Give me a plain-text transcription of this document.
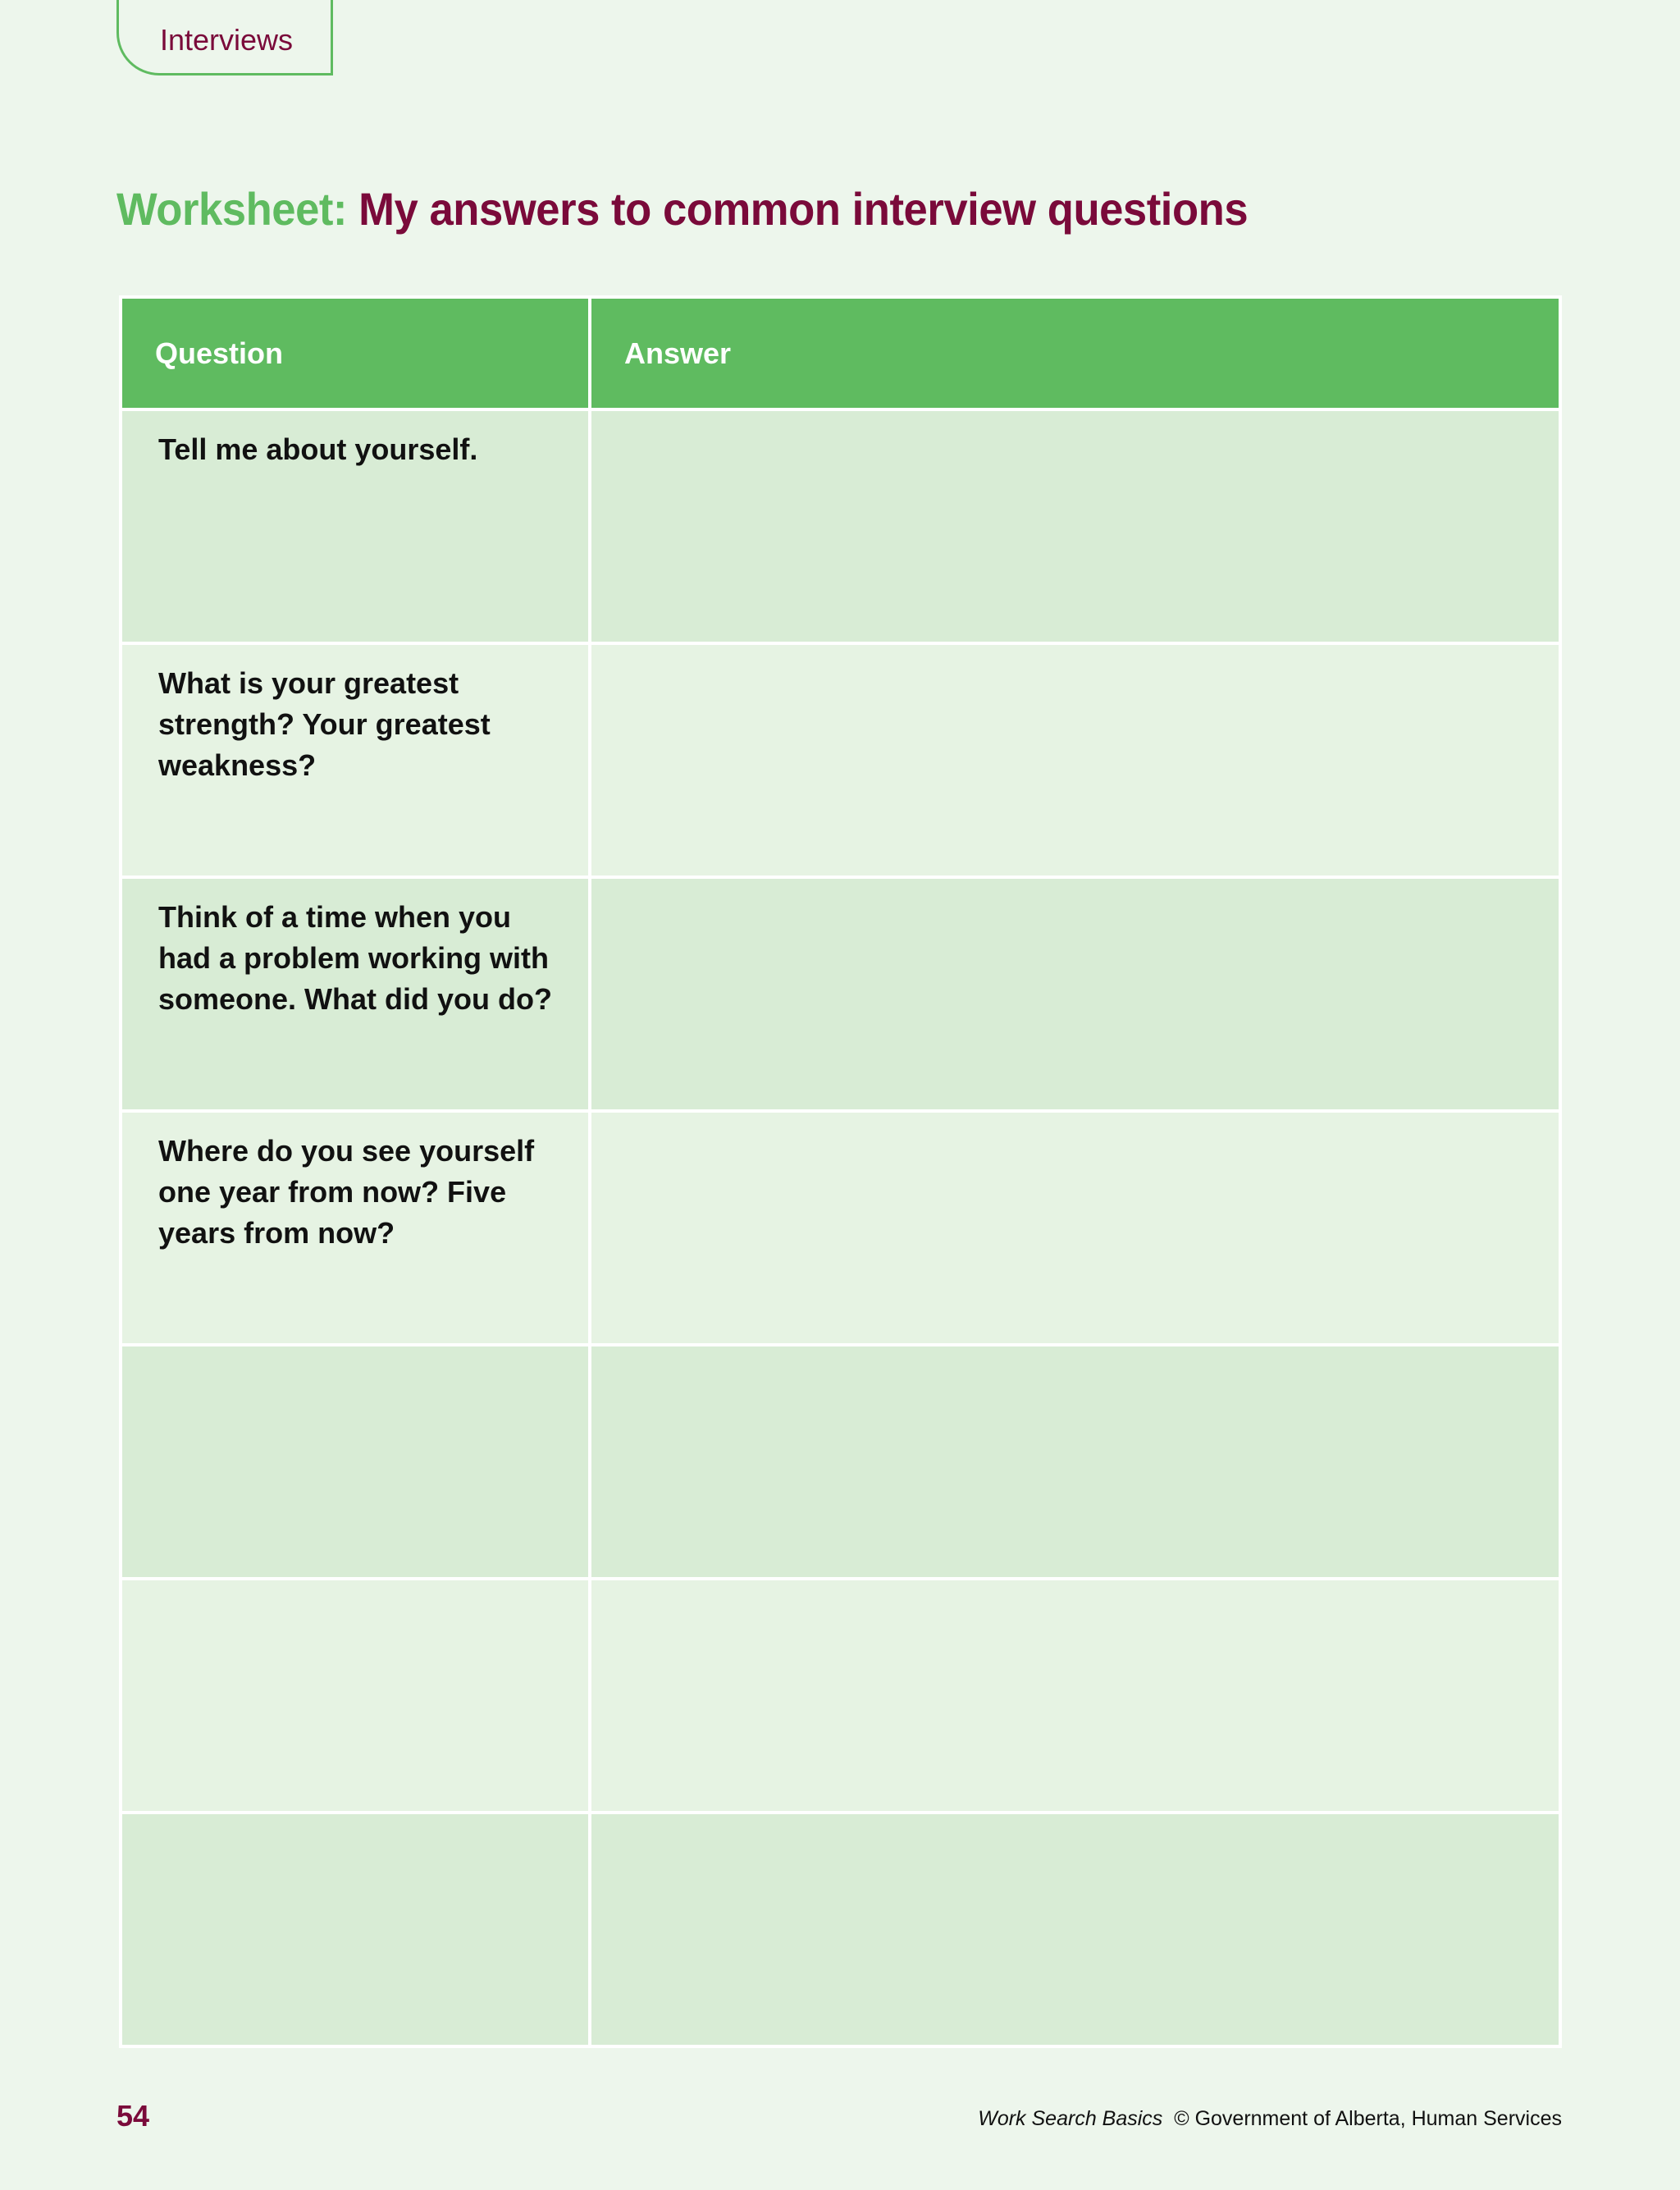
Interviews
Worksheet: My answers to common interview questions
Question	Answer

Tell me about yourself.	

What is your greatest strength? Your greatest weakness?	

Think of a time when you had a problem working with someone. What did you do?	

Where do you see yourself one year from now? Five years from now?	

54	Work Search Basics © Government of Alberta, Human Services
